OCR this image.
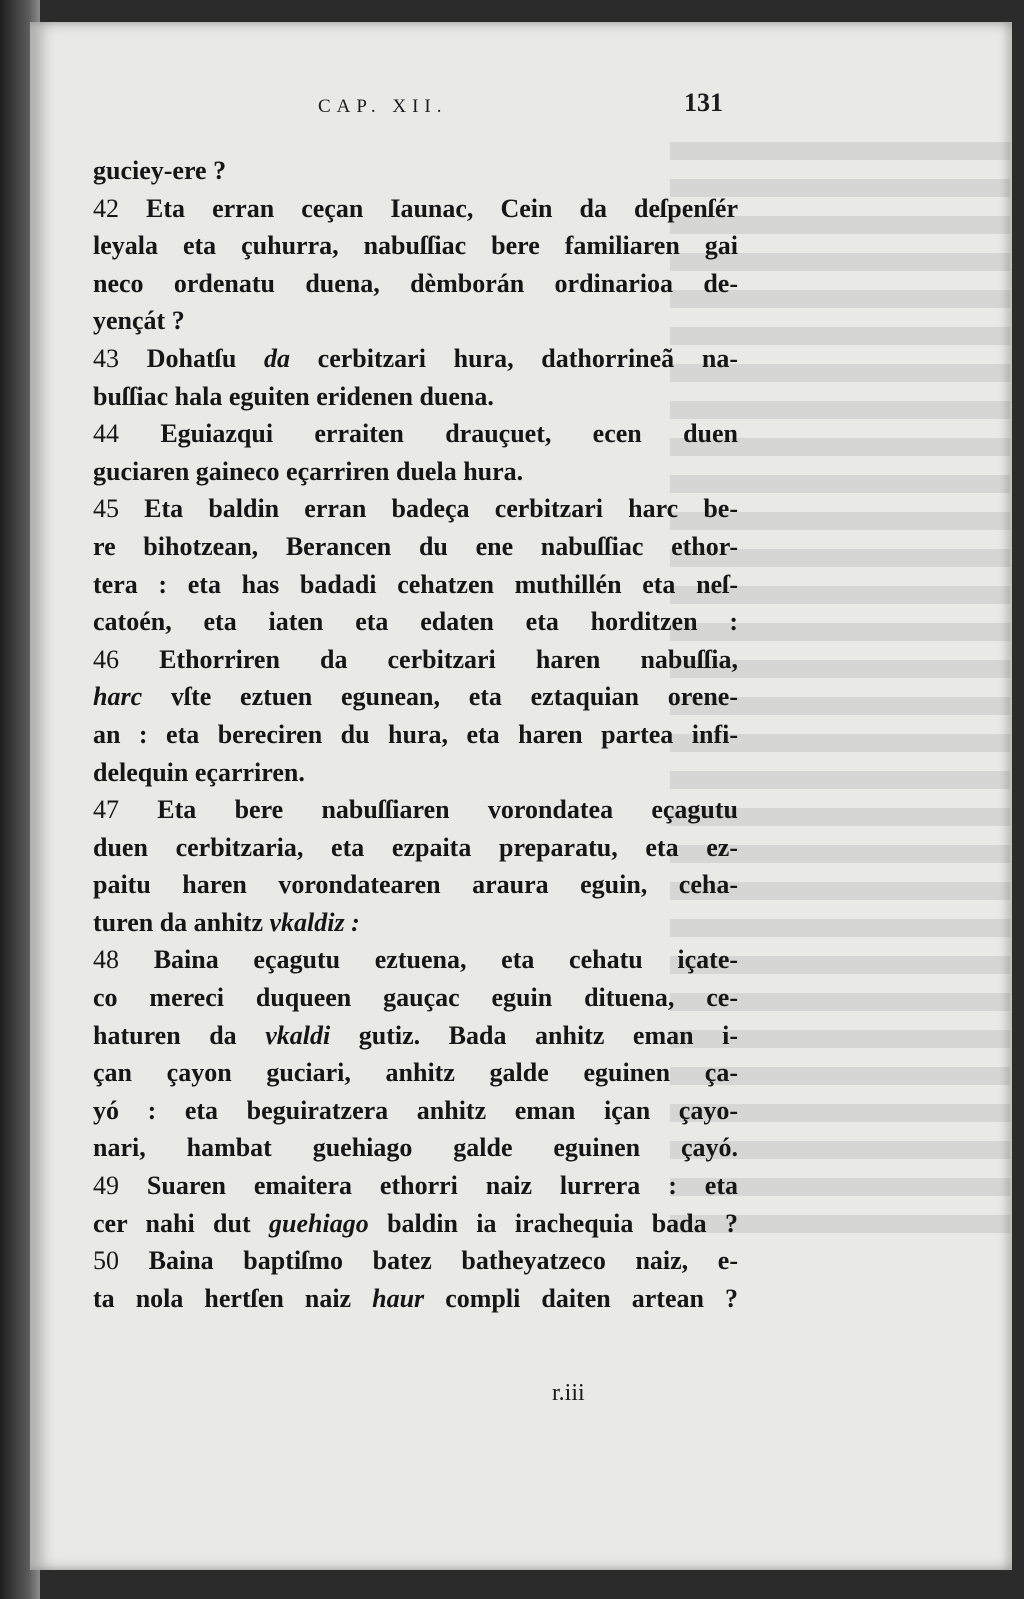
CAP. XII.	131
guciey-ere ?
42 Eta erran ceçan Iaunac, Cein da deſpenſér
leyala eta çuhurra, nabuſſiac bere familiaren gai
neco ordenatu duena, dèmborán ordinarioa de-
yençát ?
43 Dohatſu da cerbitzari hura, dathorrineã na-
buſſiac hala eguiten eridenen duena.
44 Eguiazqui erraiten drauçuet, ecen duen
guciaren gaineco eçarriren duela hura.
45 Eta baldin erran badeça cerbitzari harc be-
re bihotzean, Berancen du ene nabuſſiac ethor-
tera : eta has badadi cehatzen muthillén eta neſ-
catoén, eta iaten eta edaten eta horditzen :
46 Ethorriren da cerbitzari haren nabuſſia,
harc vſte eztuen egunean, eta eztaquian orene-
an : eta bereciren du hura, eta haren partea infi-
delequin eçarriren.
47 Eta bere nabuſſiaren vorondatea eçagutu
duen cerbitzaria, eta ezpaita preparatu, eta ez-
paitu haren vorondatearen araura eguin, ceha-
turen da anhitz vkaldiz :
48 Baina eçagutu eztuena, eta cehatu içate-
co mereci duqueen gauçac eguin dituena, ce-
haturen da vkaldi gutiz. Bada anhitz eman i-
çan çayon guciari, anhitz galde eguinen ça-
yó : eta beguiratzera anhitz eman içan çayo-
nari, hambat guehiago galde eguinen çayó.
49 Suaren emaitera ethorri naiz lurrera : eta
cer nahi dut guehiago baldin ia irachequia bada ?
50 Baina baptiſmo batez batheyatzeco naiz, e-
ta nola hertſen naiz haur compli daiten artean ?
r.iii
